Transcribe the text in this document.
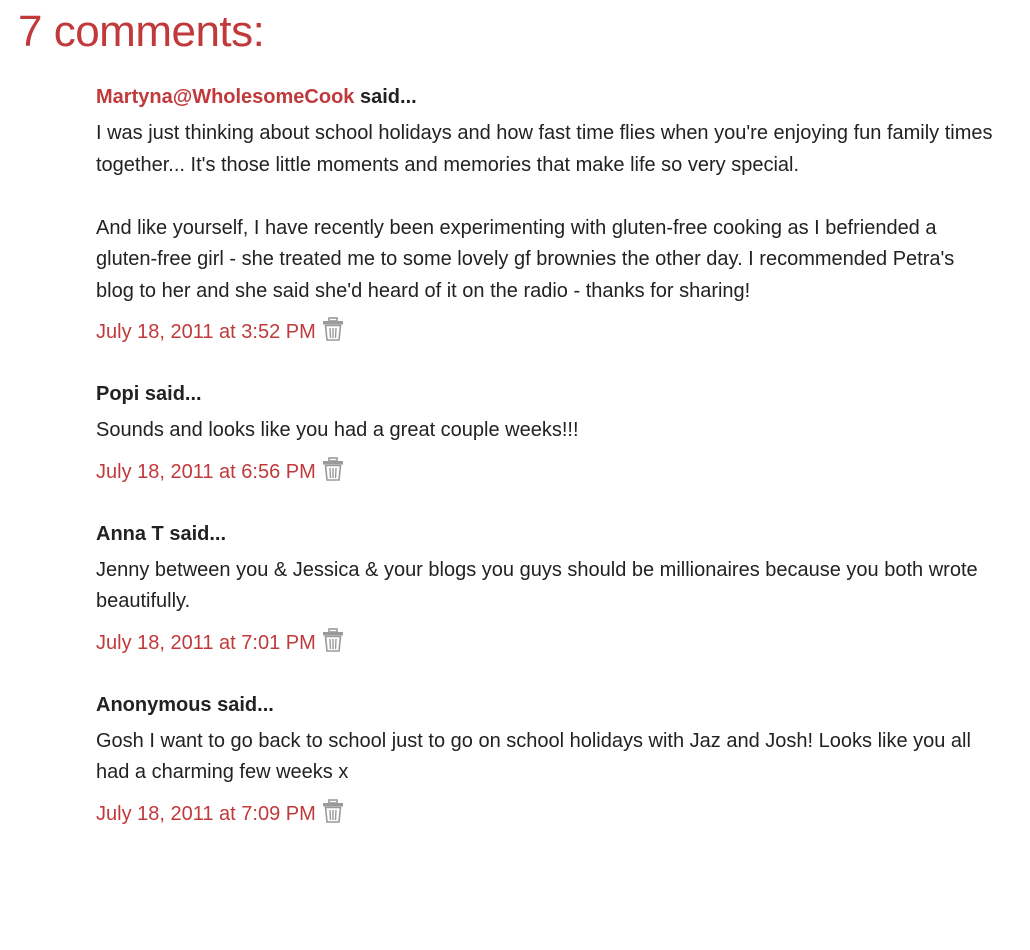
7 comments:
Martyna@WholesomeCook said...
I was just thinking about school holidays and how fast time flies when you're enjoying fun family times together... It's those little moments and memories that make life so very special.

And like yourself, I have recently been experimenting with gluten-free cooking as I befriended a gluten-free girl - she treated me to some lovely gf brownies the other day. I recommended Petra's blog to her and she said she'd heard of it on the radio - thanks for sharing!
July 18, 2011 at 3:52 PM
Popi said...
Sounds and looks like you had a great couple weeks!!!
July 18, 2011 at 6:56 PM
Anna T said...
Jenny between you & Jessica & your blogs you guys should be millionaires because you both wrote beautifully.
July 18, 2011 at 7:01 PM
Anonymous said...
Gosh I want to go back to school just to go on school holidays with Jaz and Josh! Looks like you all had a charming few weeks x
July 18, 2011 at 7:09 PM
